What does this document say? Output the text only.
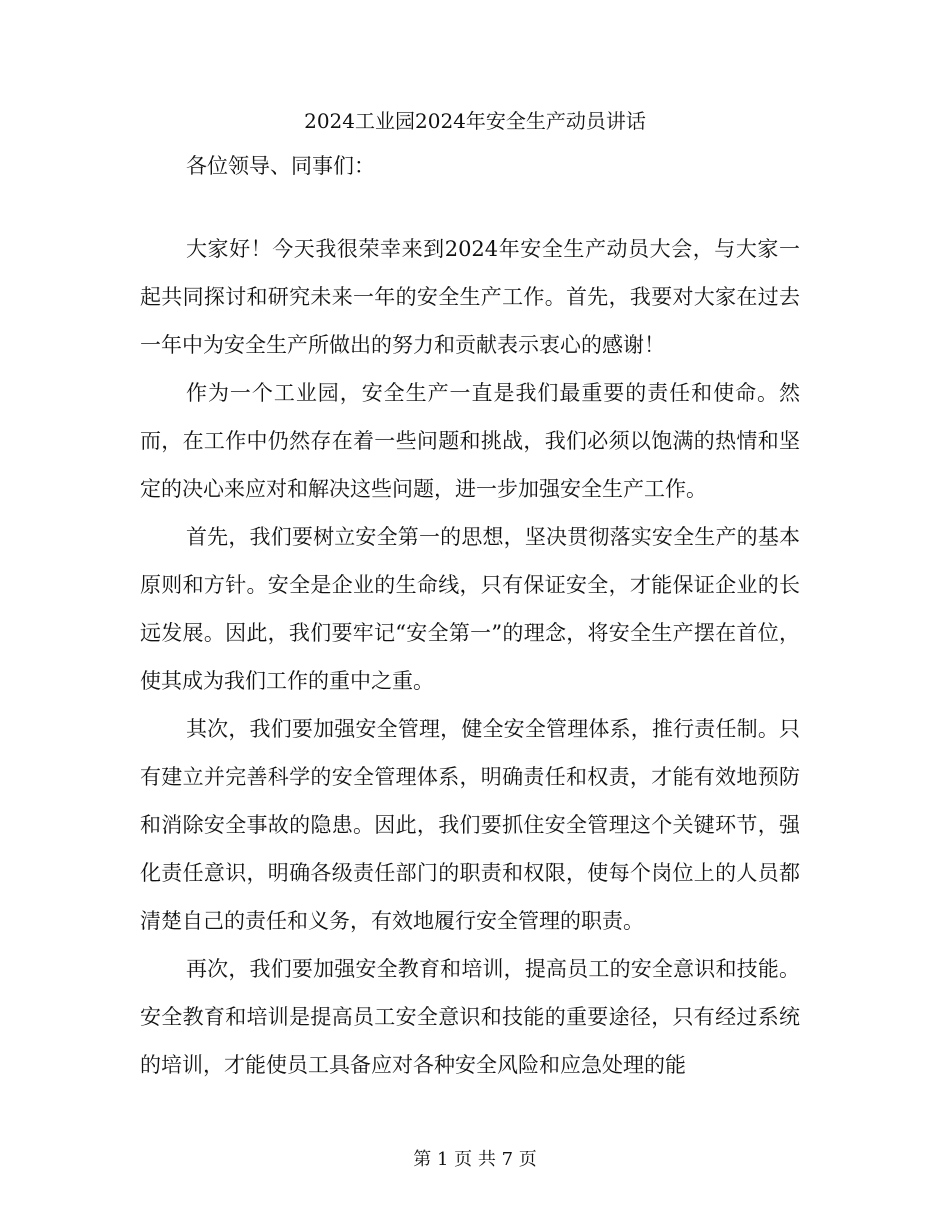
2024工业园2024年安全生产动员讲话
各位领导、同事们：

大家好！今天我很荣幸来到2024年安全生产动员大会，与大家一起共同探讨和研究未来一年的安全生产工作。首先，我要对大家在过去一年中为安全生产所做出的努力和贡献表示衷心的感谢！

作为一个工业园，安全生产一直是我们最重要的责任和使命。然而，在工作中仍然存在着一些问题和挑战，我们必须以饱满的热情和坚定的决心来应对和解决这些问题，进一步加强安全生产工作。

首先，我们要树立安全第一的思想，坚决贯彻落实安全生产的基本原则和方针。安全是企业的生命线，只有保证安全，才能保证企业的长远发展。因此，我们要牢记“安全第一”的理念，将安全生产摆在首位，使其成为我们工作的重中之重。

其次，我们要加强安全管理，健全安全管理体系，推行责任制。只有建立并完善科学的安全管理体系，明确责任和权责，才能有效地预防和消除安全事故的隐患。因此，我们要抓住安全管理这个关键环节，强化责任意识，明确各级责任部门的职责和权限，使每个岗位上的人员都清楚自己的责任和义务，有效地履行安全管理的职责。

再次，我们要加强安全教育和培训，提高员工的安全意识和技能。安全教育和培训是提高员工安全意识和技能的重要途径，只有经过系统的培训，才能使员工具备应对各种安全风险和应急处理的能

第 1 页 共 7 页
